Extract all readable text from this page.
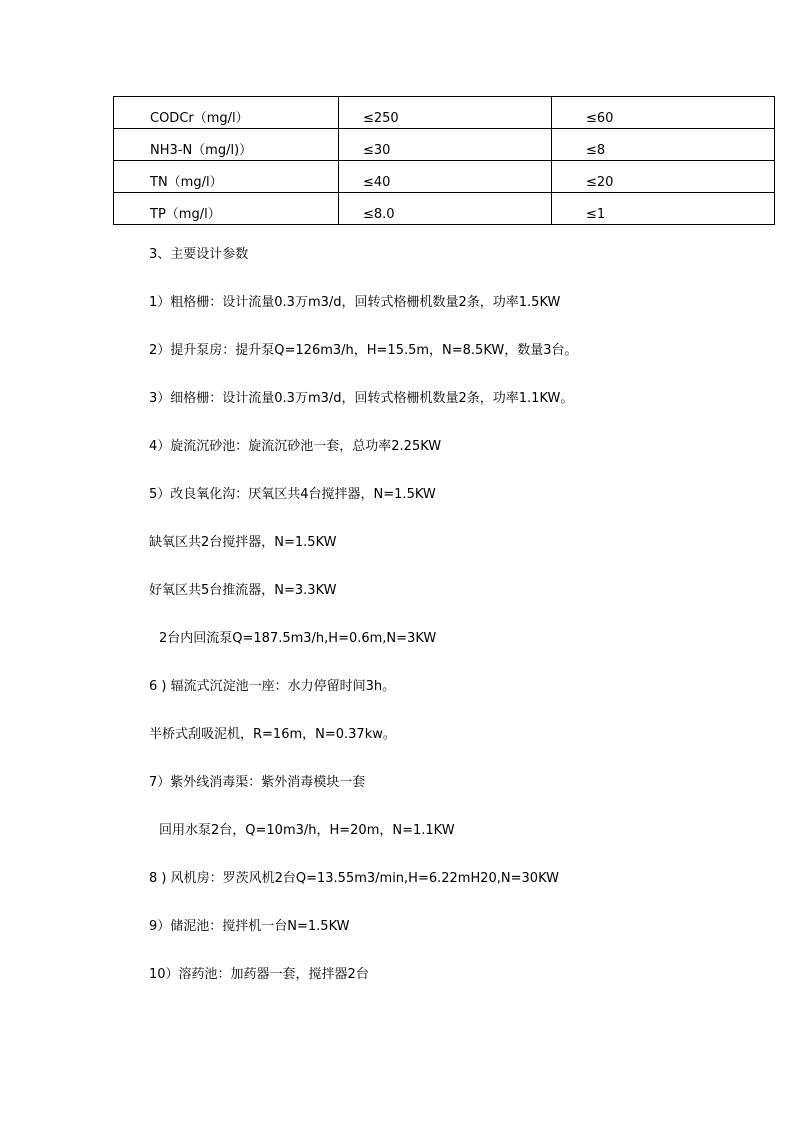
CODCr（mg/l）	≤250	≤60
NH3-N（mg/l)）	≤30	≤8
TN（mg/l）	≤40	≤20
TP（mg/l）	≤8.0	≤1
3、主要设计参数
1）粗格栅：设计流量0.3万m3/d，回转式格栅机数量2条，功率1.5KW
2）提升泵房：提升泵Q=126m3/h，H=15.5m，N=8.5KW，数量3台。
3）细格栅：设计流量0.3万m3/d，回转式格栅机数量2条，功率1.1KW。
4）旋流沉砂池：旋流沉砂池一套，总功率2.25KW
5）改良氧化沟：厌氧区共4台搅拌器，N=1.5KW
缺氧区共2台搅拌器，N=1.5KW
好氧区共5台推流器，N=3.3KW
2台内回流泵Q=187.5m3/h,H=0.6m,N=3KW
6 ) 辐流式沉淀池一座：水力停留时间3h。
半桥式刮吸泥机，R=16m，N=0.37kw。
7）紫外线消毒渠：紫外消毒模块一套
回用水泵2台，Q=10m3/h，H=20m，N=1.1KW
8 ) 风机房：罗茨风机2台Q=13.55m3/min,H=6.22mH20,N=30KW
9）储泥池：搅拌机一台N=1.5KW
10）溶药池：加药器一套，搅拌器2台
